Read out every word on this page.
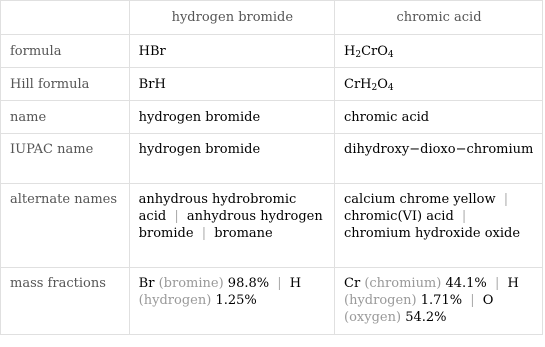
	hydrogen bromide	chromic acid
formula	HBr	$H_2CrO_4$
Hill formula	BrH	$CrH_2O_4$
name	hydrogen bromide	chromic acid
IUPAC name	hydrogen bromide	dihydroxy−dioxo−chromium
alternate names	anhydrous hydrobromic acid | anhydrous hydrogen bromide | bromane	calcium chrome yellow | chromic(VI) acid | chromium hydroxide oxide
mass fractions	Br (bromine) 98.8% | H (hydrogen) 1.25%	Cr (chromium) 44.1% | H (hydrogen) 1.71% | O (oxygen) 54.2%
